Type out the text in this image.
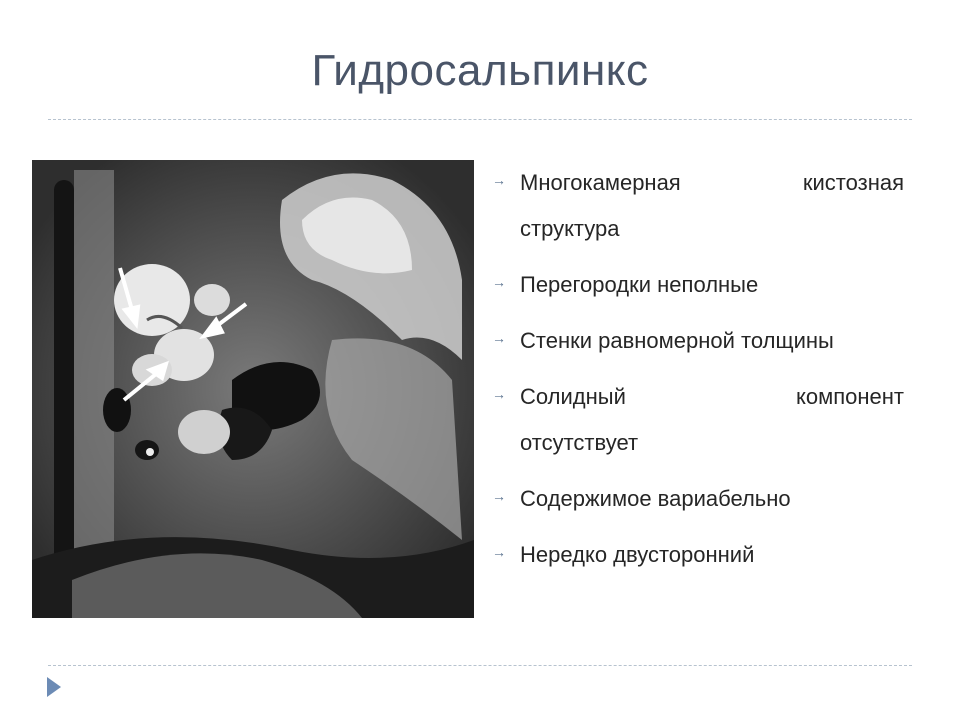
Гидросальпинкс
→ Многокамерная	кистозная
структура
→ Перегородки неполные
→ Стенки равномерной толщины
→ Солидный	компонент
отсутствует
→ Содержимое вариабельно
→ Нередко двусторонний
